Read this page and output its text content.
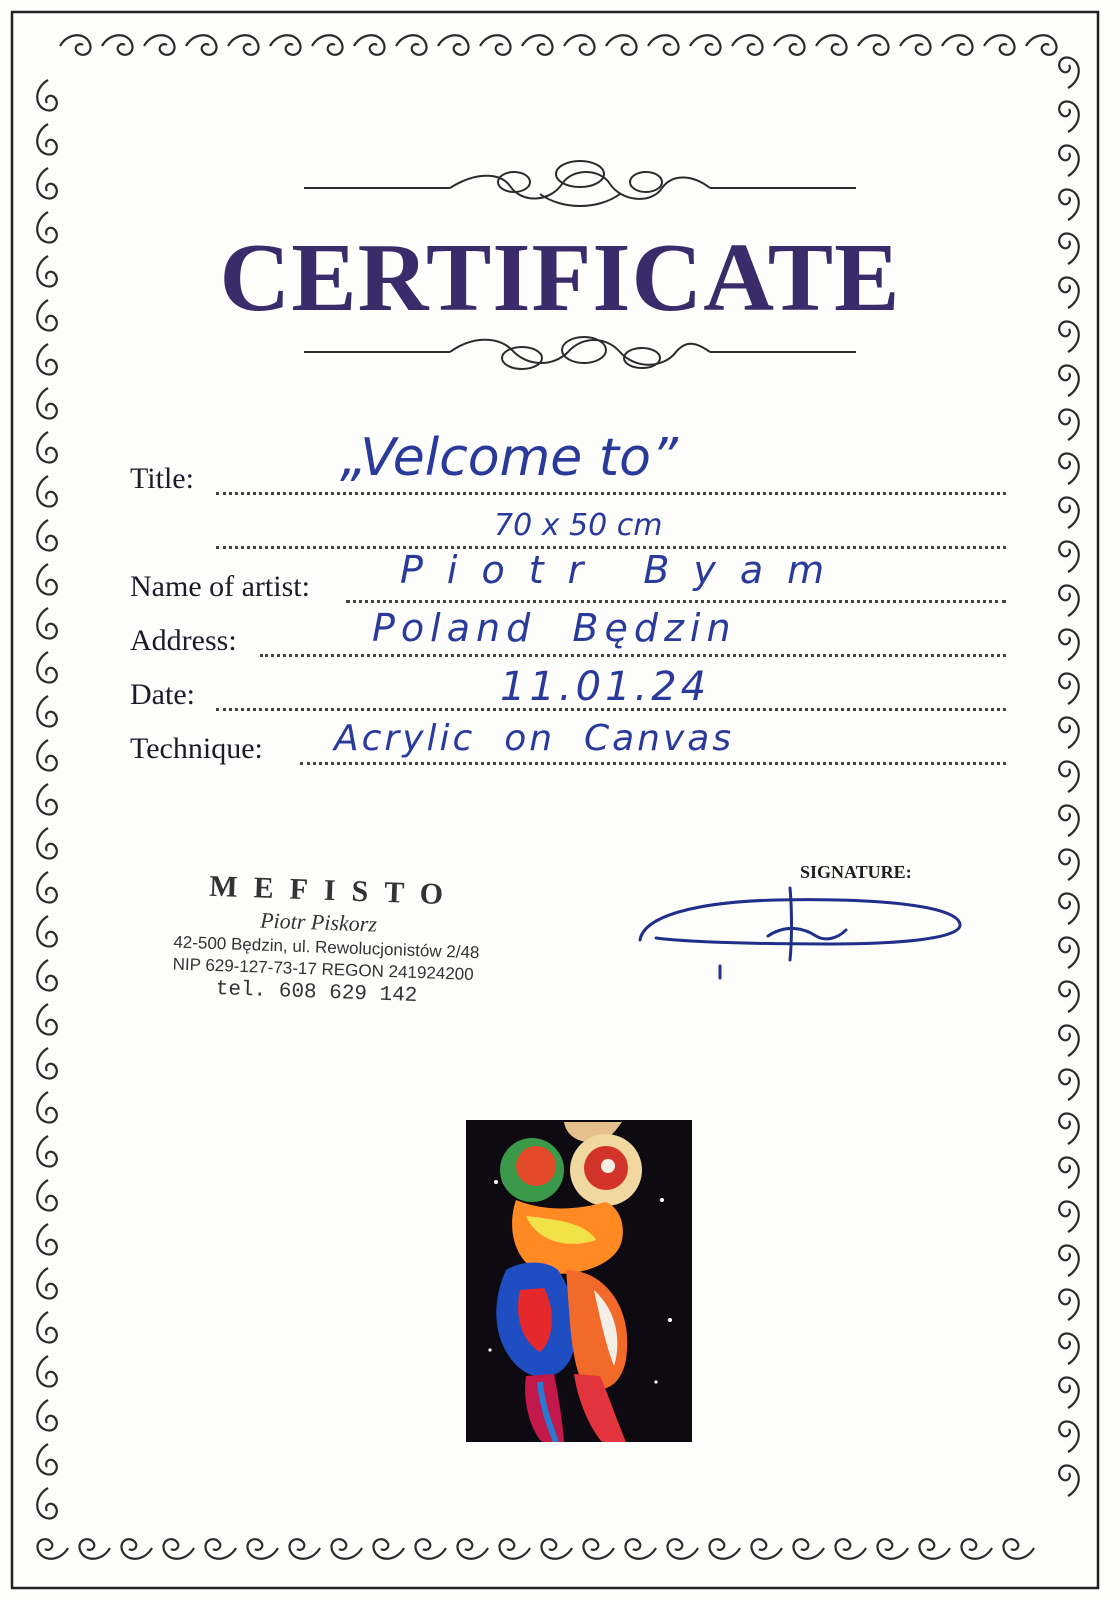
CERTIFICATE
Title:	„Velcome to”
70 x 50 cm
Name of artist: Piotr Byam
Address:	Poland  Będzin
Date:	11.01.24
Technique: Acrylic  on  Canvas
MEFISTO
Piotr Piskorz
42-500 Będzin, ul. Rewolucjonistów 2/48
NIP 629-127-73-17 REGON 241924200
tel. 608 629 142
SIGNATURE:
